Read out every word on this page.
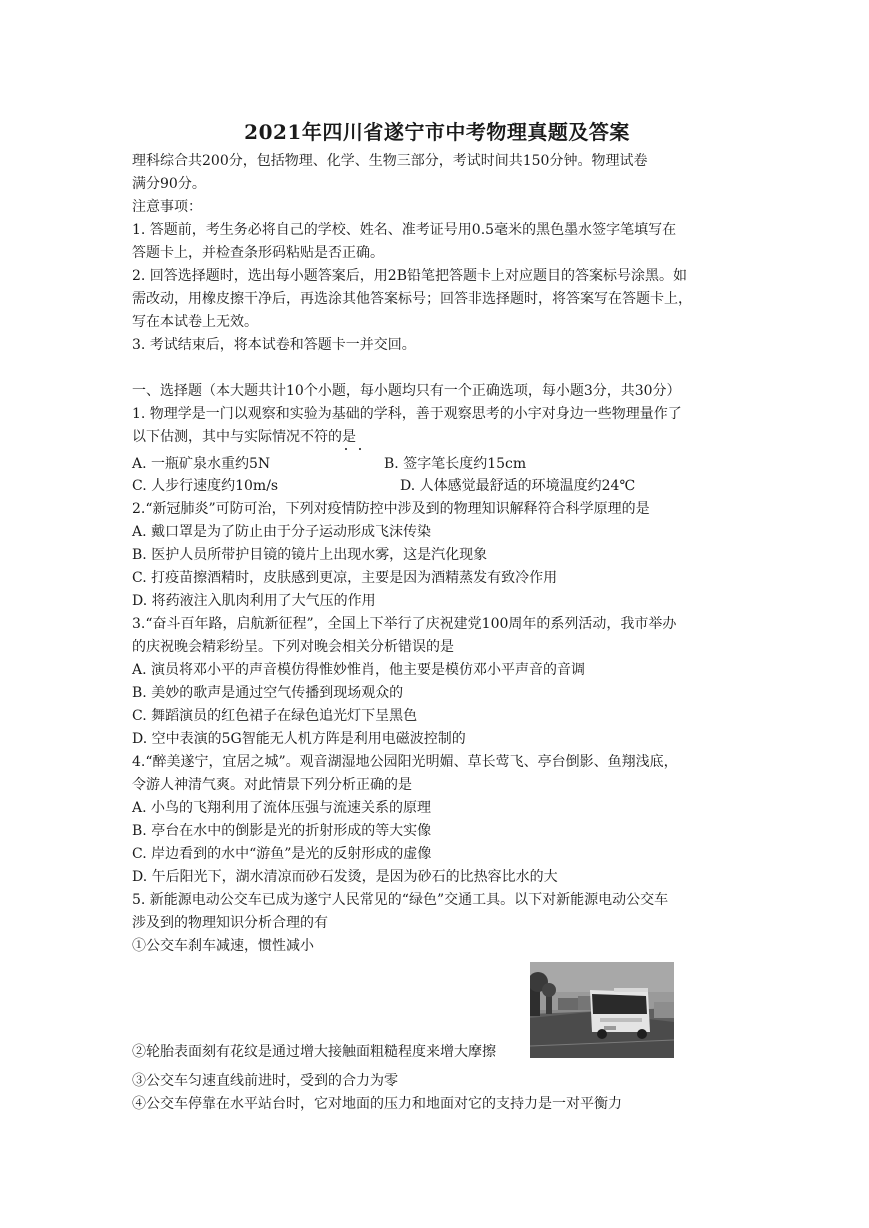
2021年四川省遂宁市中考物理真题及答案

理科综合共200分，包括物理、化学、生物三部分，考试时间共150分钟。物理试卷

满分90分。

注意事项：

1. 答题前，考生务必将自己的学校、姓名、准考证号用0.5毫米的黑色墨水签字笔填写在

答题卡上，并检查条形码粘贴是否正确。

2. 回答选择题时，选出每小题答案后，用2B铅笔把答题卡上对应题目的答案标号涂黑。如

需改动，用橡皮擦干净后，再选涂其他答案标号；回答非选择题时，将答案写在答题卡上，

写在本试卷上无效。

3. 考试结束后，将本试卷和答题卡一并交回。

一、选择题（本大题共计10个小题，每小题均只有一个正确选项，每小题3分，共30分）

1. 物理学是一门以观察和实验为基础的学科，善于观察思考的小宇对身边一些物理量作了

以下估测，其中与实际情况不符的是

A. 一瓶矿泉水重约5N	B. 签字笔长度约15cm

C. 人步行速度约10m/s	D. 人体感觉最舒适的环境温度约24℃

2.“新冠肺炎”可防可治，下列对疫情防控中涉及到的物理知识解释符合科学原理的是

A. 戴口罩是为了防止由于分子运动形成飞沫传染

B. 医护人员所带护目镜的镜片上出现水雾，这是汽化现象

C. 打疫苗擦酒精时，皮肤感到更凉，主要是因为酒精蒸发有致冷作用

D. 将药液注入肌肉利用了大气压的作用

3.“奋斗百年路，启航新征程”，全国上下举行了庆祝建党100周年的系列活动，我市举办

的庆祝晚会精彩纷呈。下列对晚会相关分析错误的是

A. 演员将邓小平的声音模仿得惟妙惟肖，他主要是模仿邓小平声音的音调

B. 美妙的歌声是通过空气传播到现场观众的

C. 舞蹈演员的红色裙子在绿色追光灯下呈黑色

D. 空中表演的5G智能无人机方阵是利用电磁波控制的

4.“醉美遂宁，宜居之城”。观音湖湿地公园阳光明媚、草长莺飞、亭台倒影、鱼翔浅底，

令游人神清气爽。对此情景下列分析正确的是

A. 小鸟的飞翔利用了流体压强与流速关系的原理

B. 亭台在水中的倒影是光的折射形成的等大实像

C. 岸边看到的水中“游鱼”是光的反射形成的虚像

D. 午后阳光下，湖水清凉而砂石发烫，是因为砂石的比热容比水的大

5. 新能源电动公交车已成为遂宁人民常见的“绿色”交通工具。以下对新能源电动公交车

涉及到的物理知识分析合理的有

①公交车刹车减速，惯性减小

②轮胎表面刻有花纹是通过增大接触面粗糙程度来增大摩擦

③公交车匀速直线前进时，受到的合力为零

④公交车停靠在水平站台时，它对地面的压力和地面对它的支持力是一对平衡力
